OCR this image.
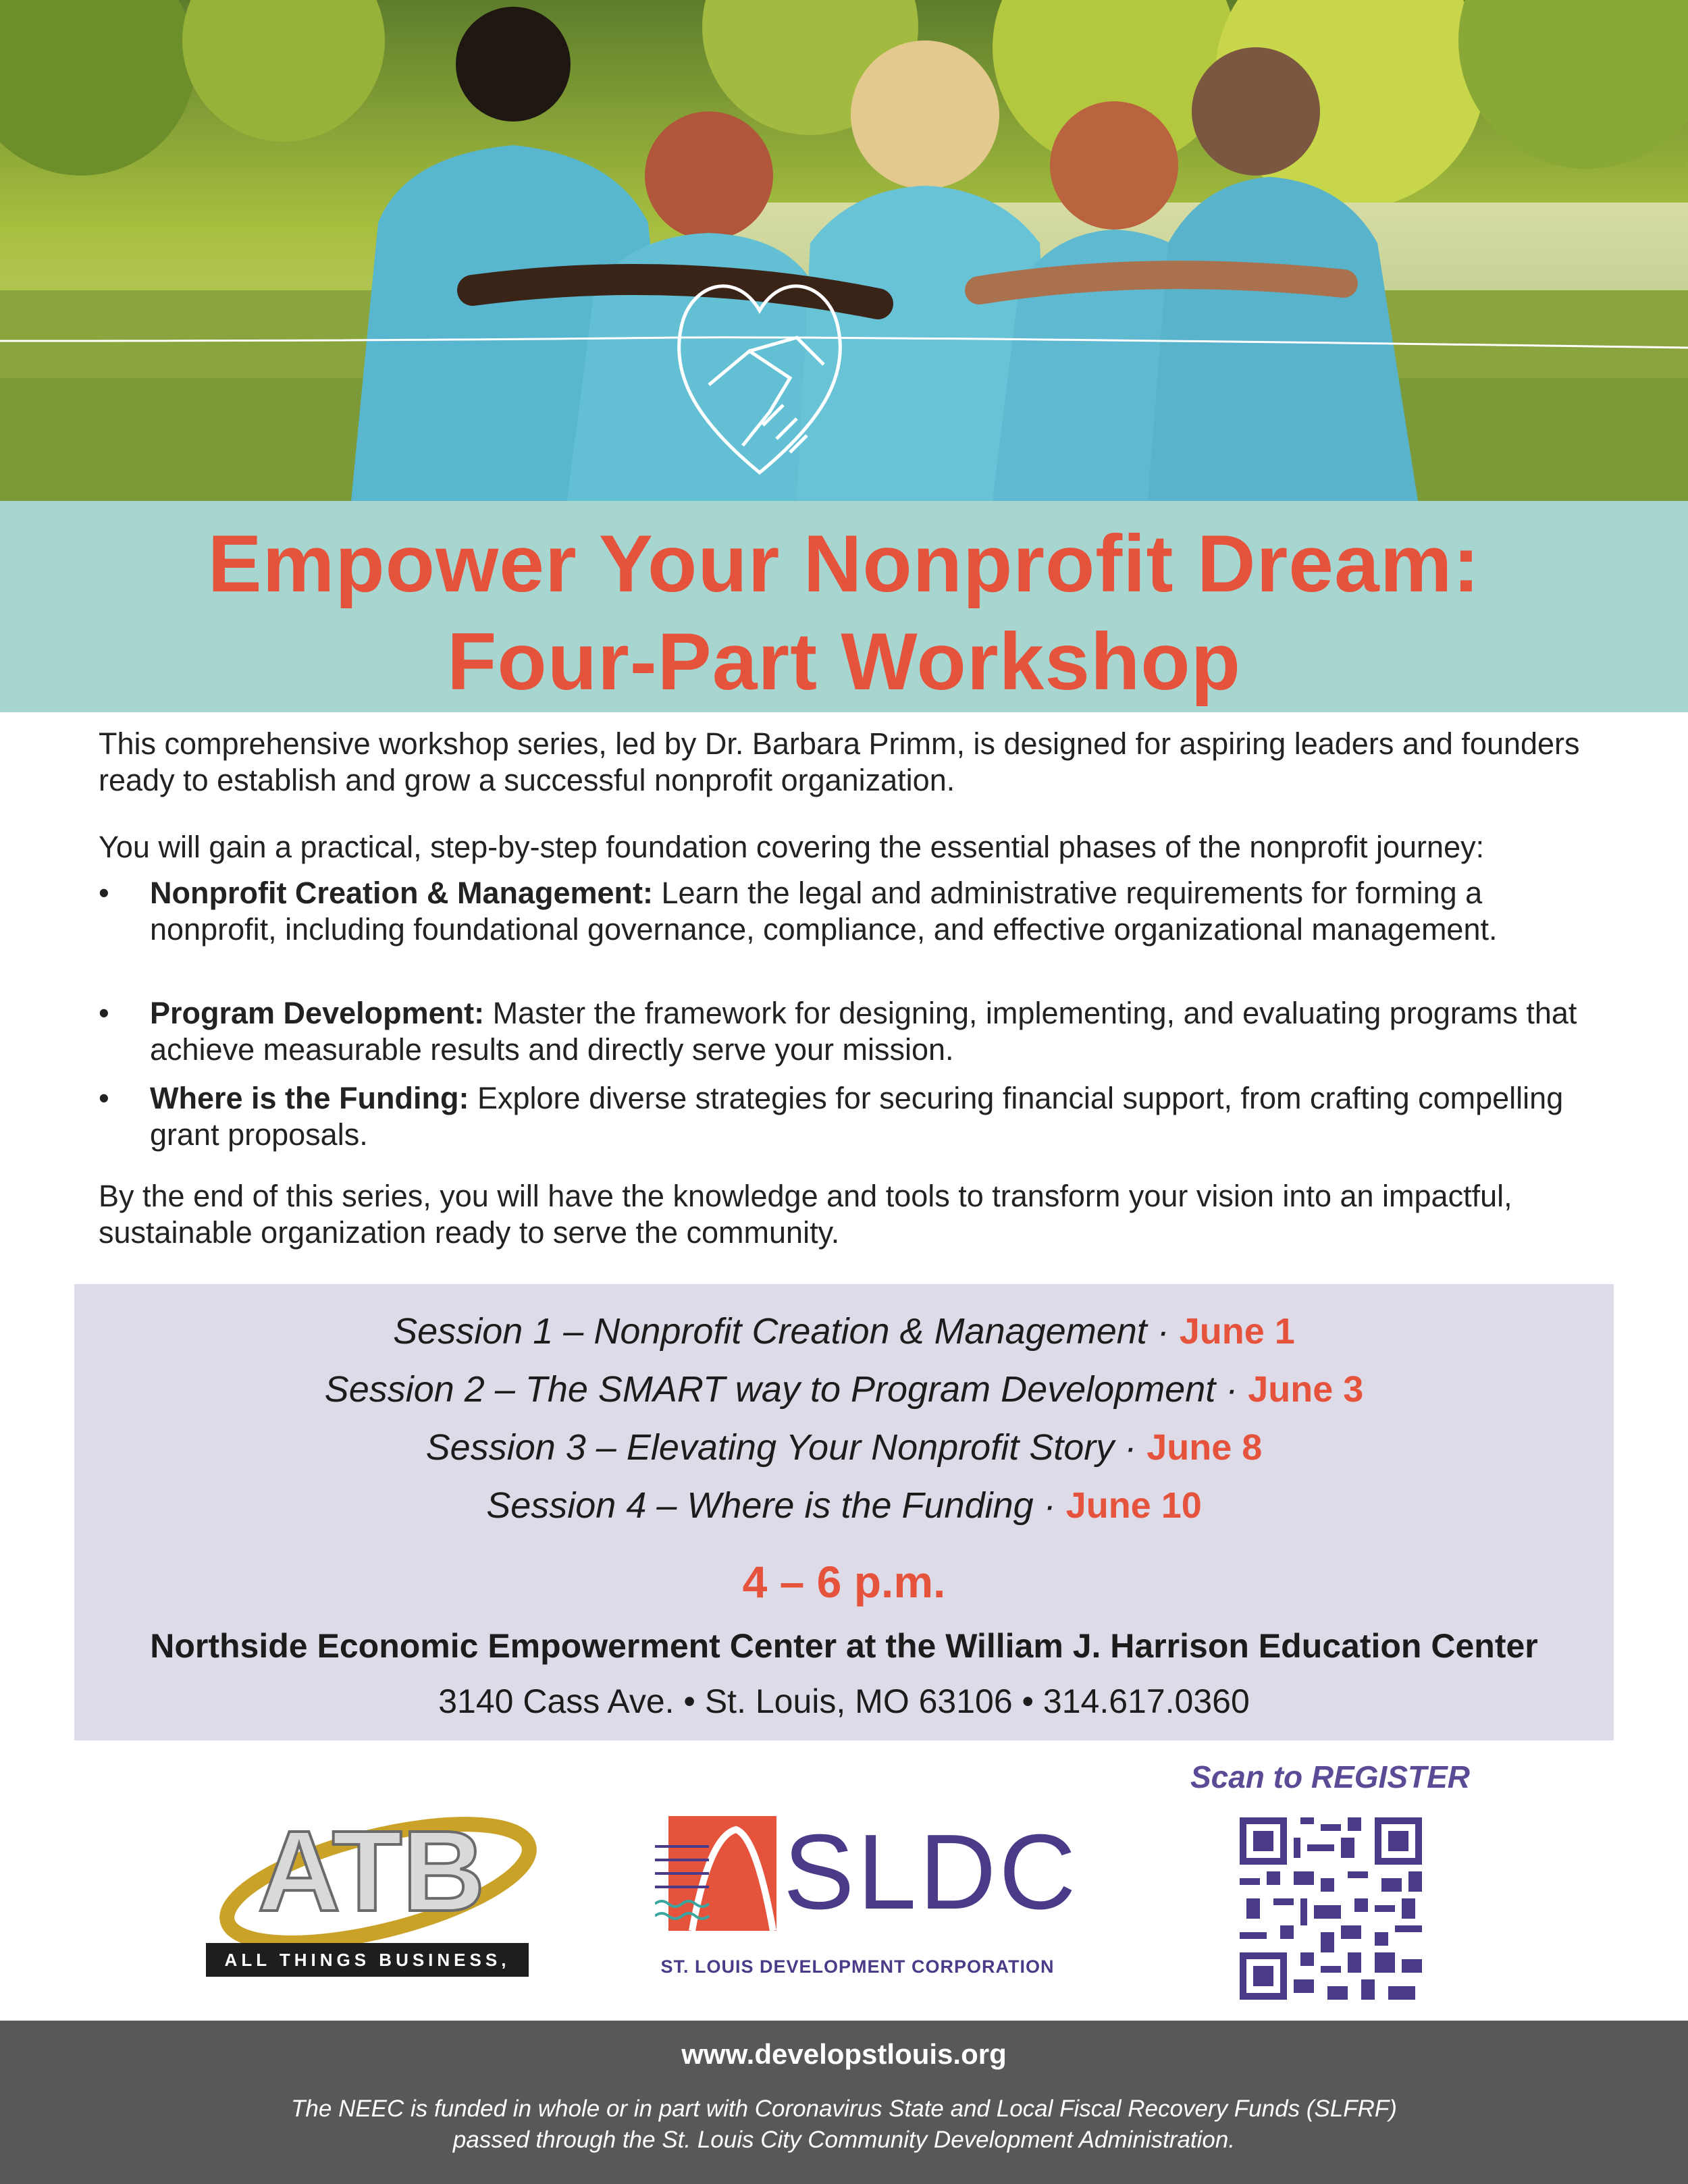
Empower Your Nonprofit Dream:
Four-Part Workshop
This comprehensive workshop series, led by Dr. Barbara Primm, is designed for aspiring leaders and founders ready to establish and grow a successful nonprofit organization.
You will gain a practical, step-by-step foundation covering the essential phases of the nonprofit journey:
•	Nonprofit Creation & Management: Learn the legal and administrative requirements for forming a nonprofit, including foundational governance, compliance, and effective organizational management.
•	Program Development: Master the framework for designing, implementing, and evaluating programs that achieve measurable results and directly serve your mission.
•	Where is the Funding: Explore diverse strategies for securing financial support, from crafting compelling grant proposals.
By the end of this series, you will have the knowledge and tools to transform your vision into an impactful, sustainable organization ready to serve the community.
Session 1 – Nonprofit Creation & Management · June 1
Session 2 – The SMART way to Program Development · June 3
Session 3 – Elevating Your Nonprofit Story · June 8
Session 4 – Where is the Funding · June 10
4 – 6 p.m.
Northside Economic Empowerment Center at the William J. Harrison Education Center
3140 Cass Ave. • St. Louis, MO 63106 • 314.617.0360
ATB
ALL THINGS BUSINESS, LLC.
SLDC
ST. LOUIS DEVELOPMENT CORPORATION
Scan to REGISTER
www.developstlouis.org
The NEEC is funded in whole or in part with Coronavirus State and Local Fiscal Recovery Funds (SLFRF)
passed through the St. Louis City Community Development Administration.
